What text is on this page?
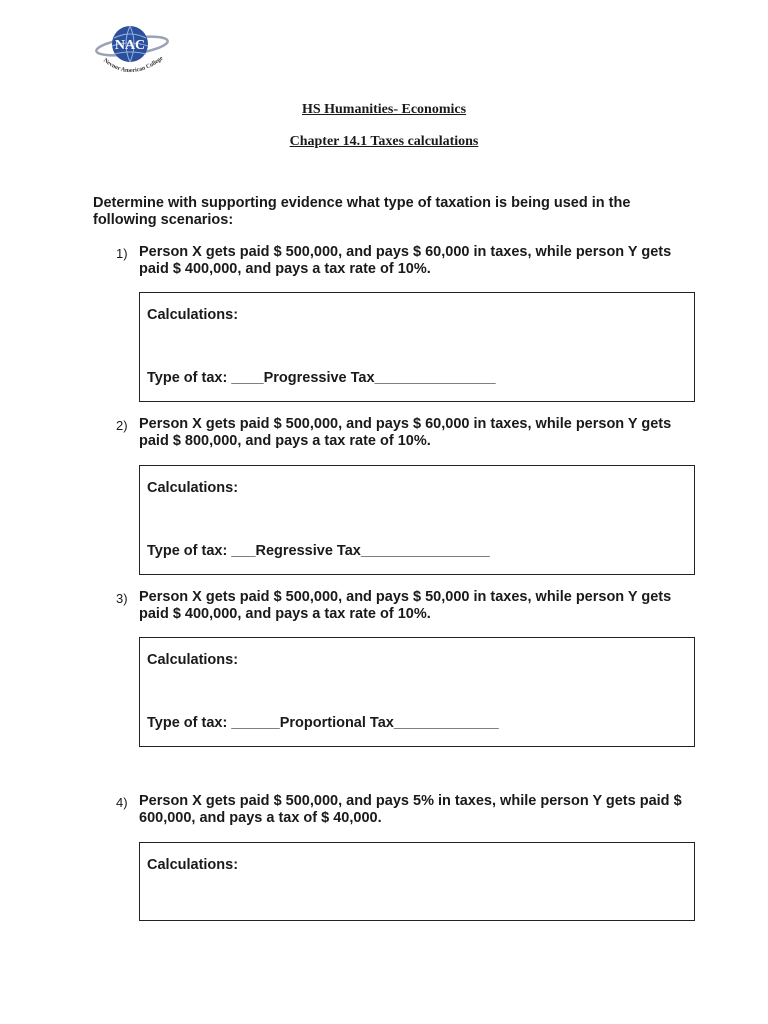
NAC
Nevnor American College
HS Humanities- Economics
Chapter 14.1 Taxes calculations
Determine with supporting evidence what type of taxation is being used in the following scenarios:
1) Person X gets paid $ 500,000, and pays $ 60,000 in taxes, while person Y gets paid $ 400,000, and pays a tax rate of 10%.
Calculations:
Type of tax: ____Progressive Tax_______________
2) Person X gets paid $ 500,000, and pays $ 60,000 in taxes, while person Y gets paid $ 800,000, and pays a tax rate of 10%.
Calculations:
Type of tax: ___Regressive Tax________________
3) Person X gets paid $ 500,000, and pays $ 50,000 in taxes, while person Y gets paid $ 400,000, and pays a tax rate of 10%.
Calculations:
Type of tax: ______Proportional Tax_____________
4) Person X gets paid $ 500,000, and pays 5% in taxes, while person Y gets paid $ 600,000, and pays a tax of $ 40,000.
Calculations:
